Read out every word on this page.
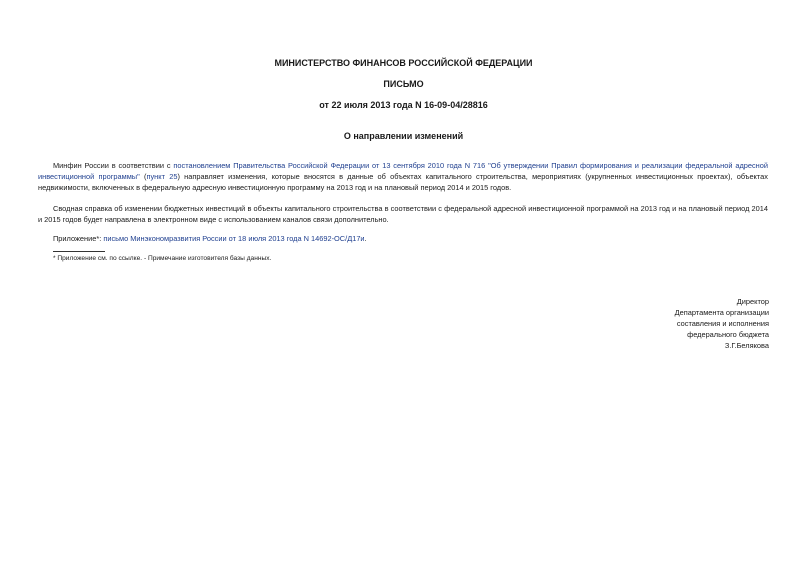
МИНИСТЕРСТВО ФИНАНСОВ РОССИЙСКОЙ ФЕДЕРАЦИИ
ПИСЬМО
от 22 июля 2013 года N 16-09-04/28816
О направлении изменений

Минфин России в соответствии с постановлением Правительства Российской Федерации от 13 сентября 2010 года N 716 "Об утверждении Правил формирования и реализации федеральной адресной инвестиционной программы" (пункт 25) направляет изменения, которые вносятся в данные об объектах капитального строительства, мероприятиях (укрупненных инвестиционных проектах), объектах недвижимости, включенных в федеральную адресную инвестиционную программу на 2013 год и на плановый период 2014 и 2015 годов.

Сводная справка об изменении бюджетных инвестиций в объекты капитального строительства в соответствии с федеральной адресной инвестиционной программой на 2013 год и на плановый период 2014 и 2015 годов будет направлена в электронном виде с использованием каналов связи дополнительно.

Приложение*: письмо Минэкономразвития России от 18 июля 2013 года N 14692-ОС/Д17и.

* Приложение см. по ссылке. - Примечание изготовителя базы данных.
Директор
Департамента организации
составления и исполнения
федерального бюджета
З.Г.Белякова
